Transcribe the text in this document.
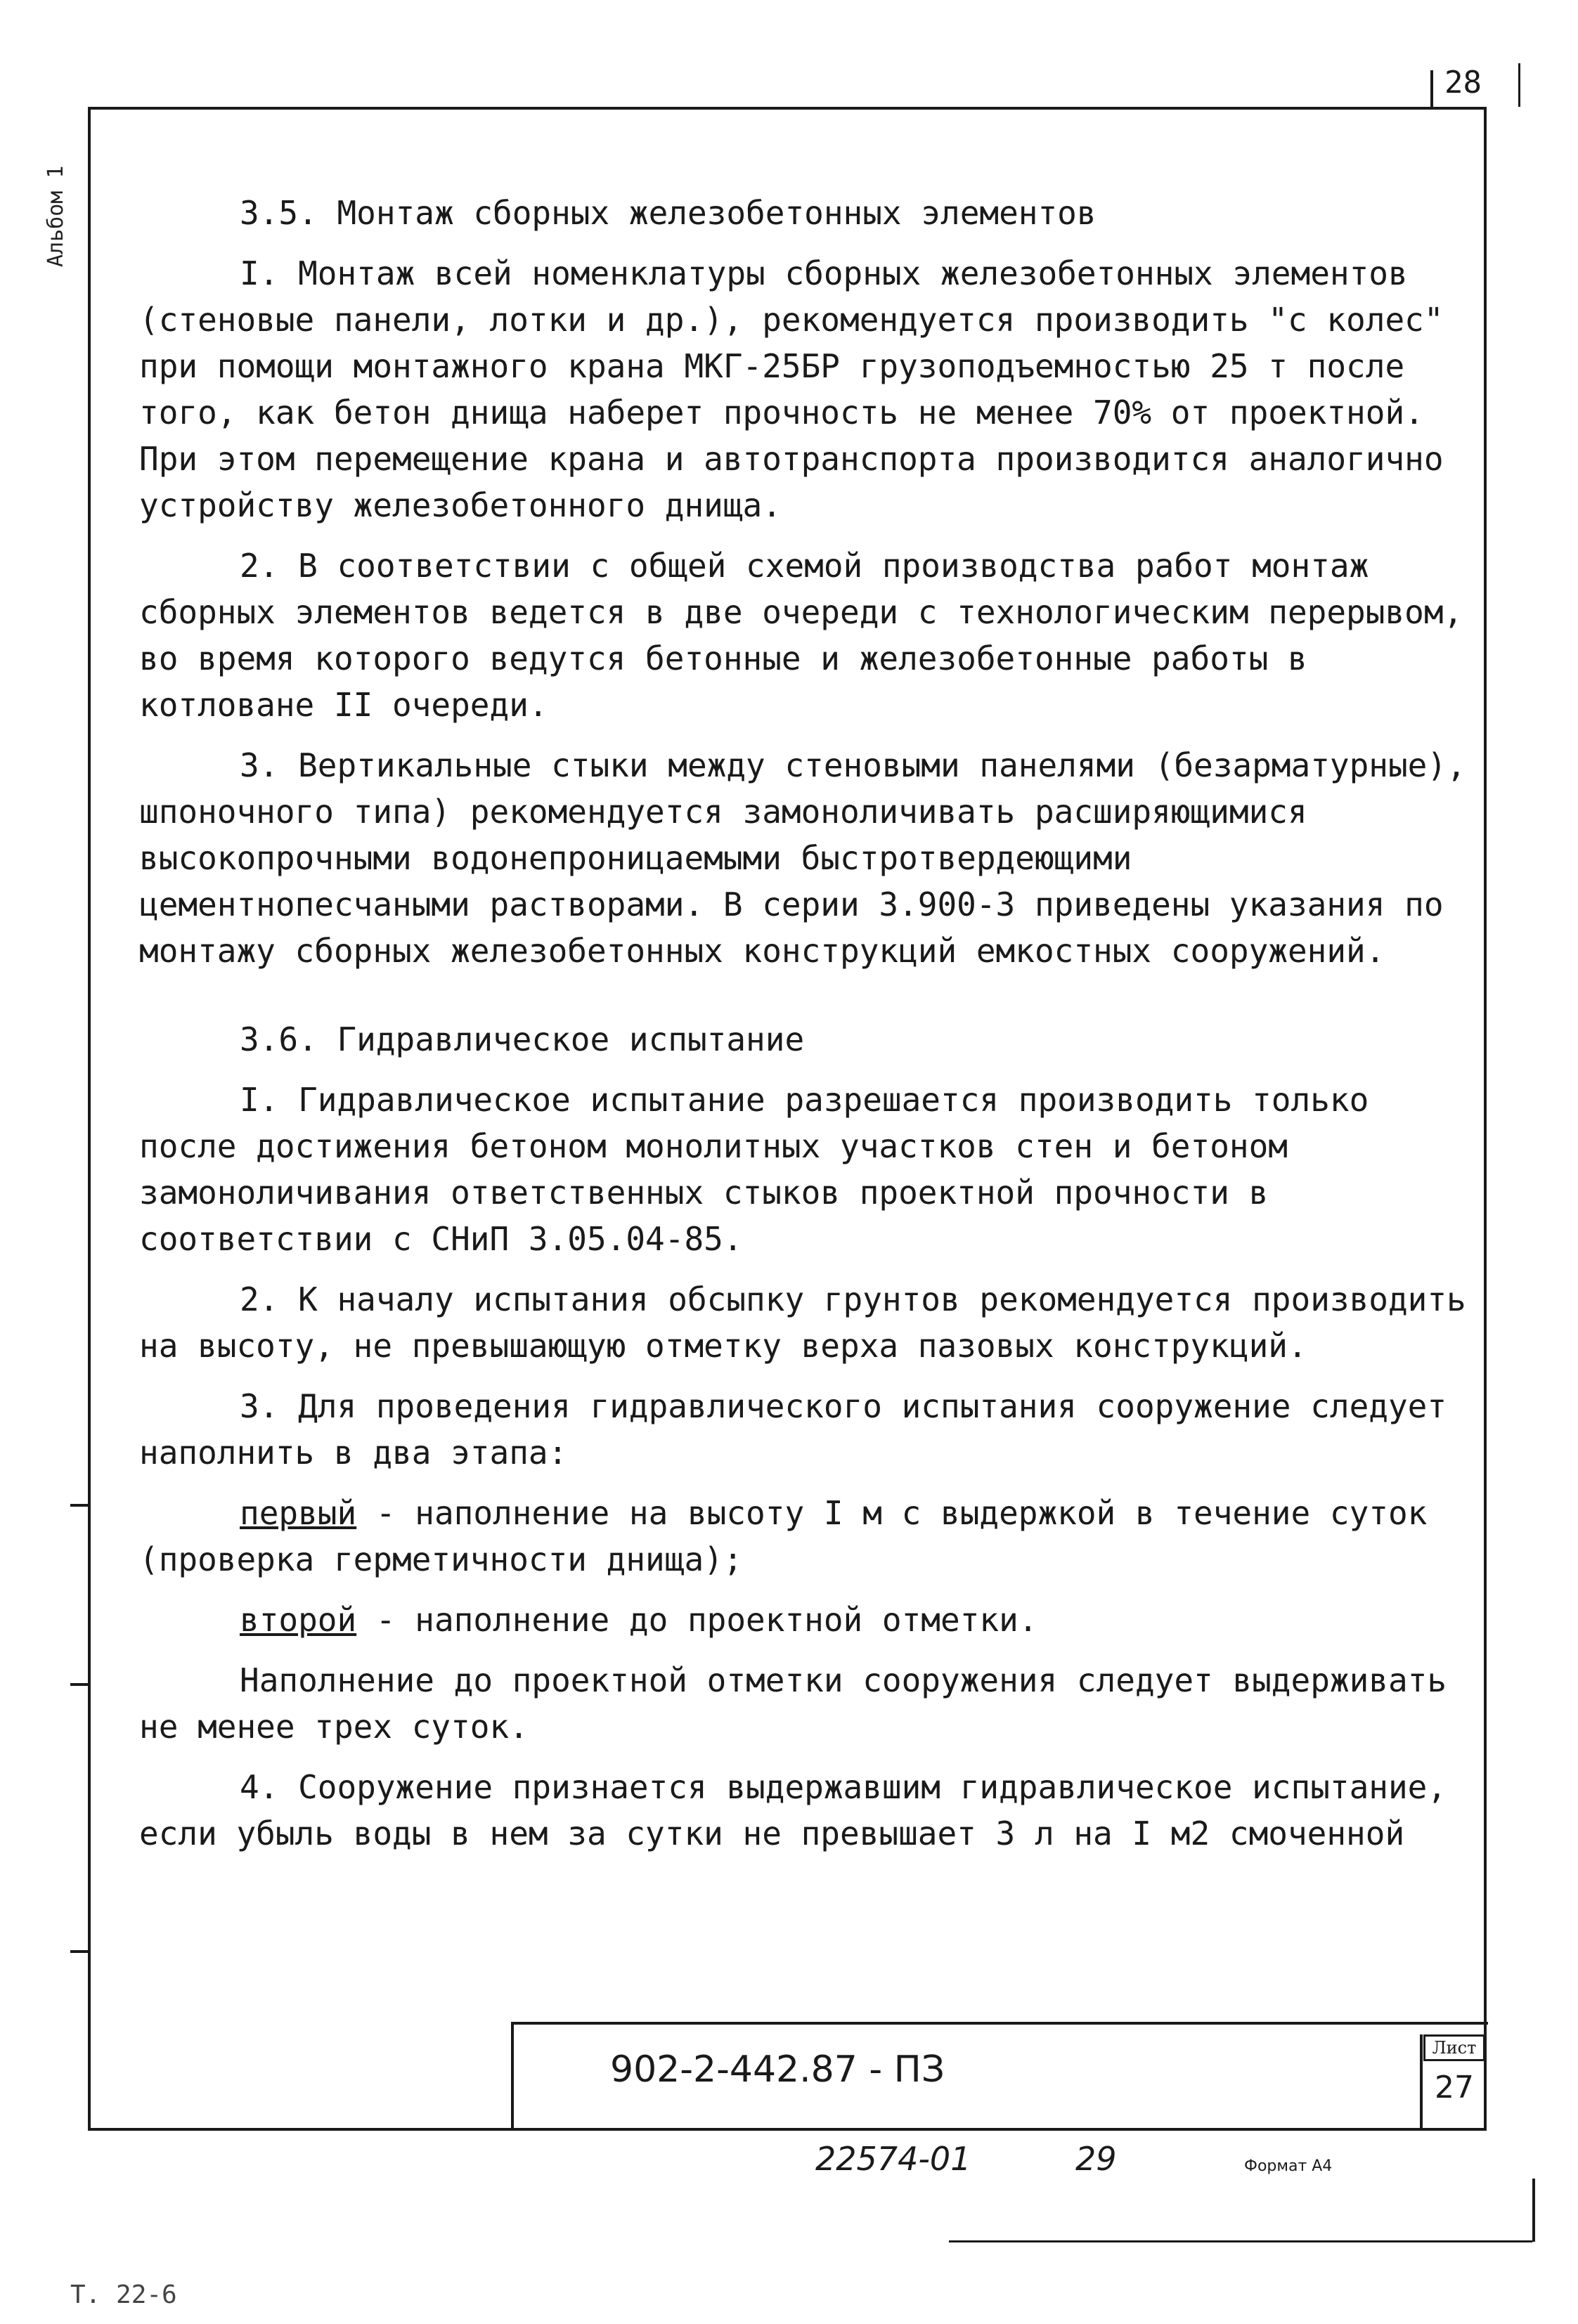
28
Альбом 1	3.5. Монтаж сборных железобетонных элементов

I. Монтаж всей номенклатуры сборных железобетонных элементов (стеновые панели, лотки и др.), рекомендуется производить "с колес" при помощи монтажного крана МКГ-25БР грузоподъемностью 25 т после того, как бетон днища наберет прочность не менее 70% от проектной. При этом перемещение крана и автотранспорта производится аналогично устройству железобетонного днища.

2. В соответствии с общей схемой производства работ монтаж сборных элементов ведется в две очереди с технологическим перерывом, во время которого ведутся бетонные и железобетонные работы в котловане II очереди.

3. Вертикальные стыки между стеновыми панелями (безарматурные), шпоночного типа) рекомендуется замоноличивать расширяющимися высокопрочными водонепроницаемыми быстротвердеющими цементнопесчаными растворами. В серии 3.900-3 приведены указания по монтажу сборных железобетонных конструкций емкостных сооружений.

3.6. Гидравлическое испытание

I. Гидравлическое испытание разрешается производить только после достижения бетоном монолитных участков стен и бетоном замоноличивания ответственных стыков проектной прочности в соответствии с СНиП 3.05.04-85.

2. К началу испытания обсыпку грунтов рекомендуется производить на высоту, не превышающую отметку верха пазовых конструкций.

3. Для проведения гидравлического испытания сооружение следует наполнить в два этапа:

первый - наполнение на высоту I м с выдержкой в течение суток (проверка герметичности днища);

второй - наполнение до проектной отметки.

Наполнение до проектной отметки сооружения следует выдерживать не менее трех суток.

4. Сооружение признается выдержавшим гидравлическое испытание, если убыль воды в нем за сутки не превышает 3 л на I м2 смоченной

902-2-442.87 - ПЗ
Лист
27
22574-01	29	Формат А4
Т. 22-6
